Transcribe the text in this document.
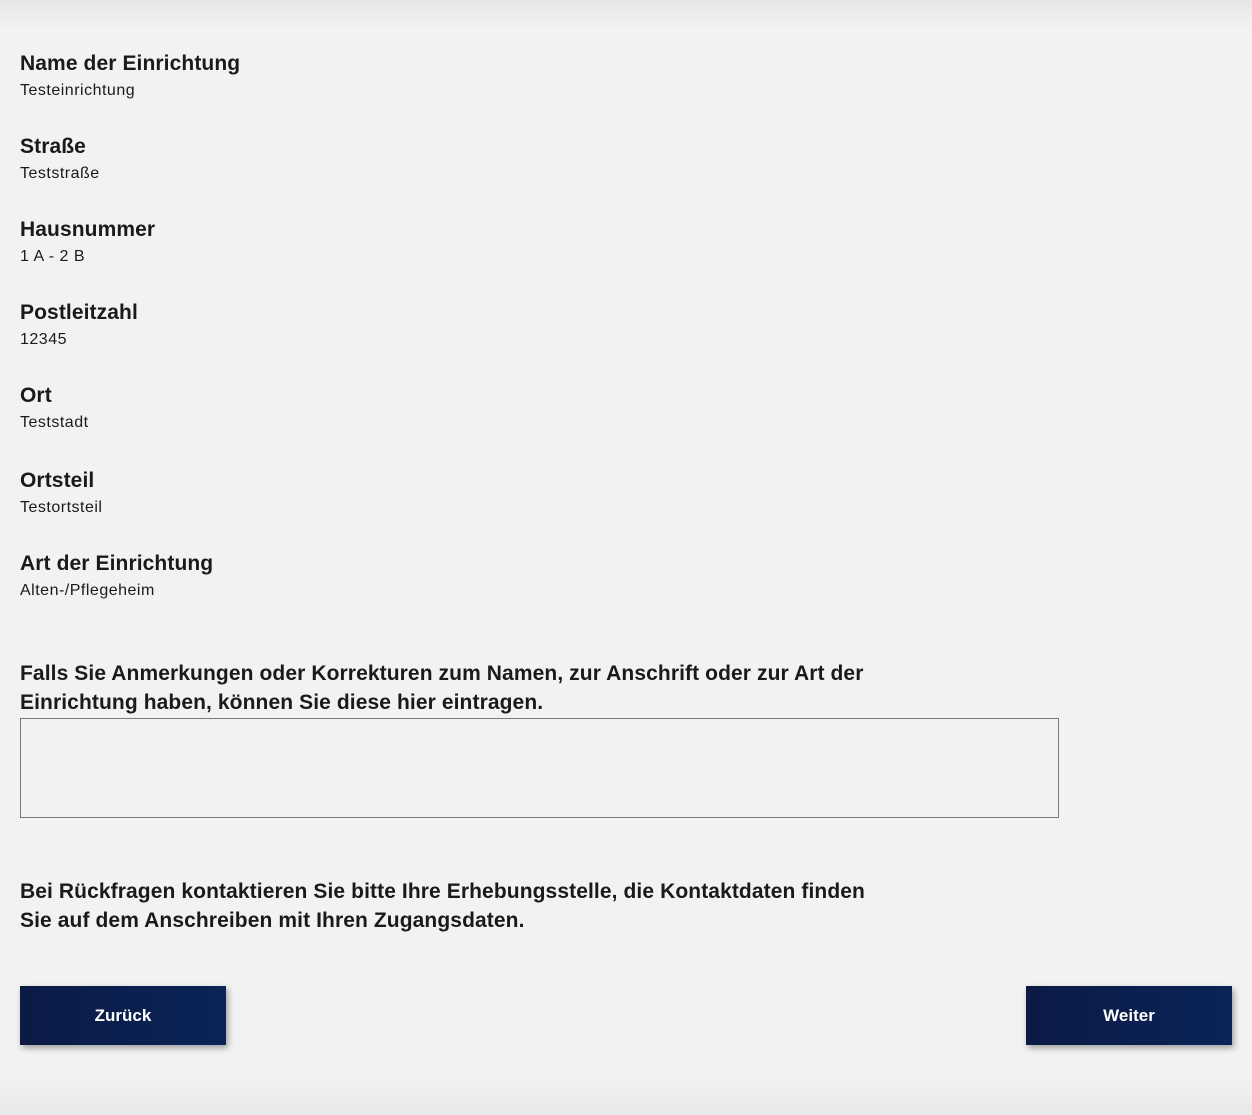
Name der Einrichtung
Testeinrichtung
Straße
Teststraße
Hausnummer
1 A - 2 B
Postleitzahl
12345
Ort
Teststadt
Ortsteil
Testortsteil
Art der Einrichtung
Alten-/Pflegeheim
Falls Sie Anmerkungen oder Korrekturen zum Namen, zur Anschrift oder zur Art der Einrichtung haben, können Sie diese hier eintragen.
Bei Rückfragen kontaktieren Sie bitte Ihre Erhebungsstelle, die Kontaktdaten finden Sie auf dem Anschreiben mit Ihren Zugangsdaten.
Zurück	Weiter
